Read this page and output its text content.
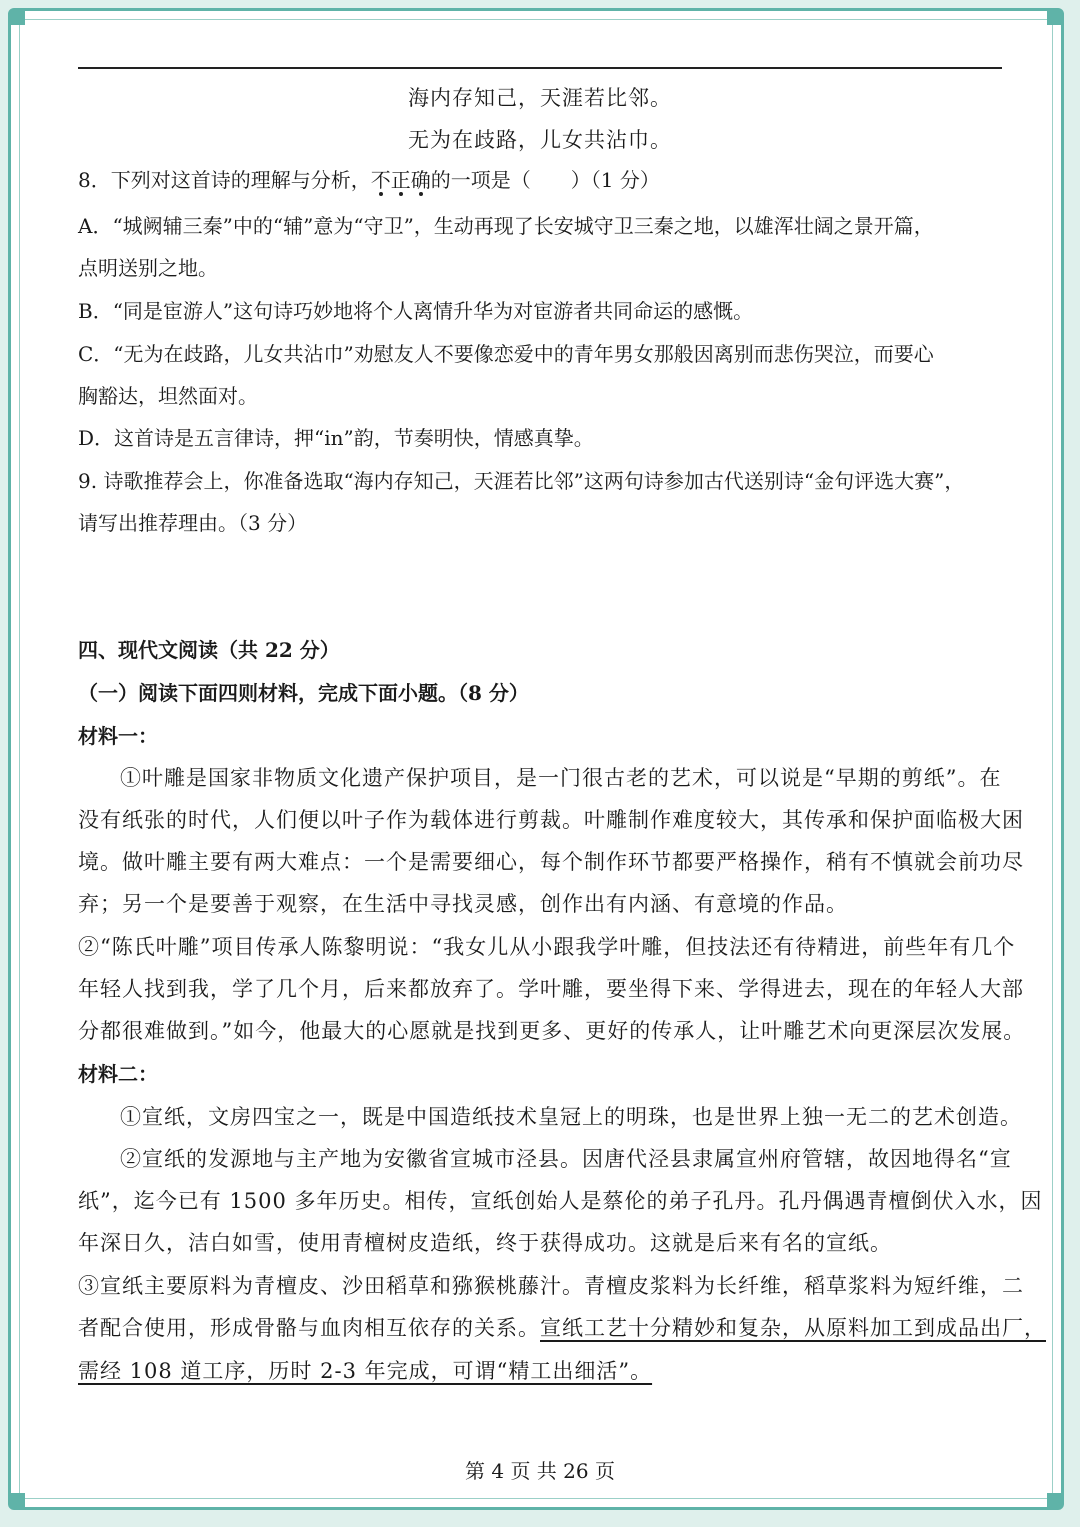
海内存知己，天涯若比邻。
无为在歧路，儿女共沾巾。
8．下列对这首诗的理解与分析，不正确的一项是（　　）（1 分）
A．“城阙辅三秦”中的“辅”意为“守卫”，生动再现了长安城守卫三秦之地，以雄浑壮阔之景开篇，
点明送别之地。
B．“同是宦游人”这句诗巧妙地将个人离情升华为对宦游者共同命运的感慨。
C．“无为在歧路，儿女共沾巾”劝慰友人不要像恋爱中的青年男女那般因离别而悲伤哭泣，而要心
胸豁达，坦然面对。
D．这首诗是五言律诗，押“in”韵，节奏明快，情感真挚。
9. 诗歌推荐会上，你准备选取“海内存知己，天涯若比邻”这两句诗参加古代送别诗“金句评选大赛”，
请写出推荐理由。（3 分）
四、现代文阅读（共 22 分）
（一）阅读下面四则材料，完成下面小题。（8 分）
材料一：
①叶雕是国家非物质文化遗产保护项目，是一门很古老的艺术，可以说是“早期的剪纸”。在
没有纸张的时代，人们便以叶子作为载体进行剪裁。叶雕制作难度较大，其传承和保护面临极大困
境。做叶雕主要有两大难点：一个是需要细心，每个制作环节都要严格操作，稍有不慎就会前功尽
弃；另一个是要善于观察，在生活中寻找灵感，创作出有内涵、有意境的作品。
②“陈氏叶雕”项目传承人陈黎明说：“我女儿从小跟我学叶雕，但技法还有待精进，前些年有几个
年轻人找到我，学了几个月，后来都放弃了。学叶雕，要坐得下来、学得进去，现在的年轻人大部
分都很难做到。”如今，他最大的心愿就是找到更多、更好的传承人，让叶雕艺术向更深层次发展。
材料二：
①宣纸，文房四宝之一，既是中国造纸技术皇冠上的明珠，也是世界上独一无二的艺术创造。
②宣纸的发源地与主产地为安徽省宣城市泾县。因唐代泾县隶属宣州府管辖，故因地得名“宣
纸”，迄今已有 1500 多年历史。相传，宣纸创始人是蔡伦的弟子孔丹。孔丹偶遇青檀倒伏入水，因
年深日久，洁白如雪，使用青檀树皮造纸，终于获得成功。这就是后来有名的宣纸。
③宣纸主要原料为青檀皮、沙田稻草和猕猴桃藤汁。青檀皮浆料为长纤维，稻草浆料为短纤维，二
者配合使用，形成骨骼与血肉相互依存的关系。宣纸工艺十分精妙和复杂，从原料加工到成品出厂，
需经 108 道工序，历时 2-3 年完成，可谓“精工出细活”。
第 4 页 共 26 页
